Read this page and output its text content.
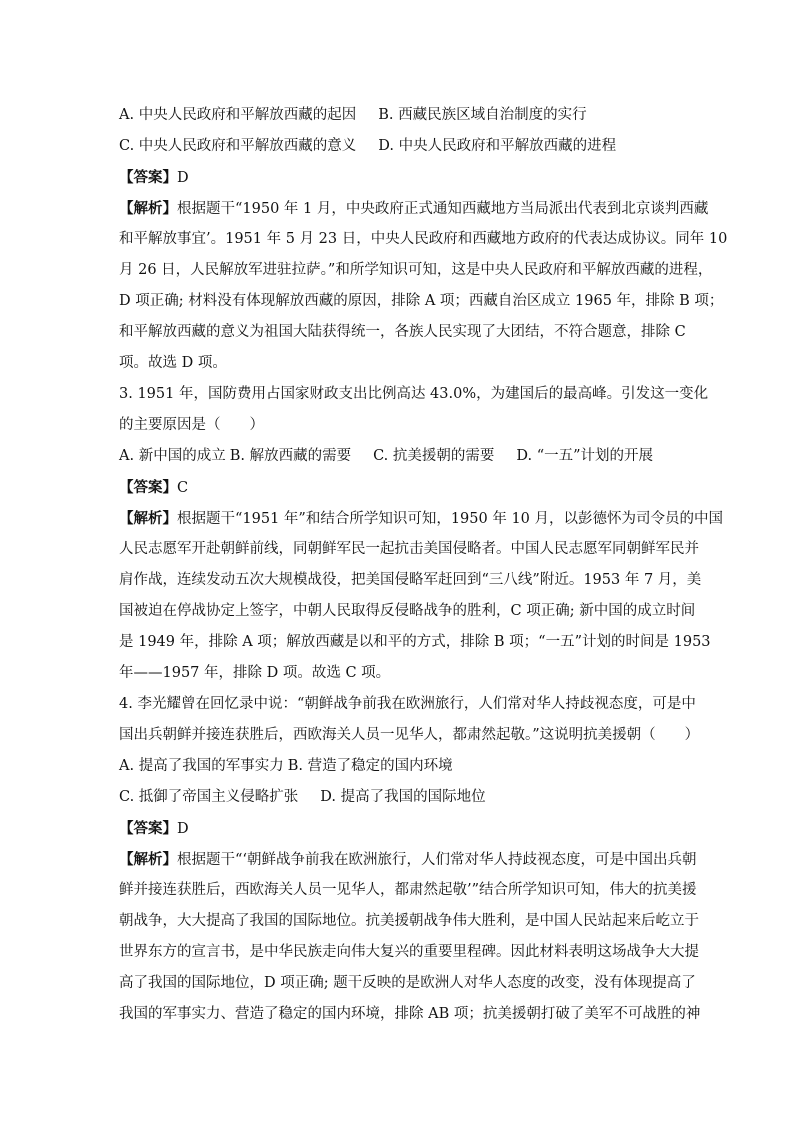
A. 中央人民政府和平解放西藏的起因 B. 西藏民族区域自治制度的实行
C. 中央人民政府和平解放西藏的意义 D. 中央人民政府和平解放西藏的进程
【答案】D
【解析】根据题干“1950 年 1 月，中央政府正式通知西藏地方当局派出代表到北京谈判西藏
和平解放事宜’。1951 年 5 月 23 日，中央人民政府和西藏地方政府的代表达成协议。同年 10
月 26 日，人民解放军进驻拉萨。”和所学知识可知，这是中央人民政府和平解放西藏的进程，
D 项正确; 材料没有体现解放西藏的原因，排除 A 项；西藏自治区成立 1965 年，排除 B 项；
和平解放西藏的意义为祖国大陆获得统一，各族人民实现了大团结，不符合题意，排除 C
项。故选 D 项。
3. 1951 年，国防费用占国家财政支出比例高达 43.0%，为建国后的最高峰。引发这一变化
的主要原因是（　　）
A. 新中国的成立 B. 解放西藏的需要 C. 抗美援朝的需要 D. “一五”计划的开展
【答案】C
【解析】根据题干“1951 年”和结合所学知识可知，1950 年 10 月，以彭德怀为司令员的中国
人民志愿军开赴朝鲜前线，同朝鲜军民一起抗击美国侵略者。中国人民志愿军同朝鲜军民并
肩作战，连续发动五次大规模战役，把美国侵略军赶回到“三八线”附近。1953 年 7 月，美
国被迫在停战协定上签字，中朝人民取得反侵略战争的胜利，C 项正确; 新中国的成立时间
是 1949 年，排除 A 项；解放西藏是以和平的方式，排除 B 项；“一五”计划的时间是 1953
年——1957 年，排除 D 项。故选 C 项。
4. 李光耀曾在回忆录中说：“朝鲜战争前我在欧洲旅行，人们常对华人持歧视态度，可是中
国出兵朝鲜并接连获胜后，西欧海关人员一见华人，都肃然起敬。”这说明抗美援朝（　　）
A. 提高了我国的军事实力 B. 营造了稳定的国内环境
C. 抵御了帝国主义侵略扩张 D. 提高了我国的国际地位
【答案】D
【解析】根据题干“‘朝鲜战争前我在欧洲旅行，人们常对华人持歧视态度，可是中国出兵朝
鲜并接连获胜后，西欧海关人员一见华人，都肃然起敬’”结合所学知识可知，伟大的抗美援
朝战争，大大提高了我国的国际地位。抗美援朝战争伟大胜利，是中国人民站起来后屹立于
世界东方的宣言书，是中华民族走向伟大复兴的重要里程碑。因此材料表明这场战争大大提
高了我国的国际地位，D 项正确; 题干反映的是欧洲人对华人态度的改变，没有体现提高了
我国的军事实力、营造了稳定的国内环境，排除 AB 项；抗美援朝打破了美军不可战胜的神
